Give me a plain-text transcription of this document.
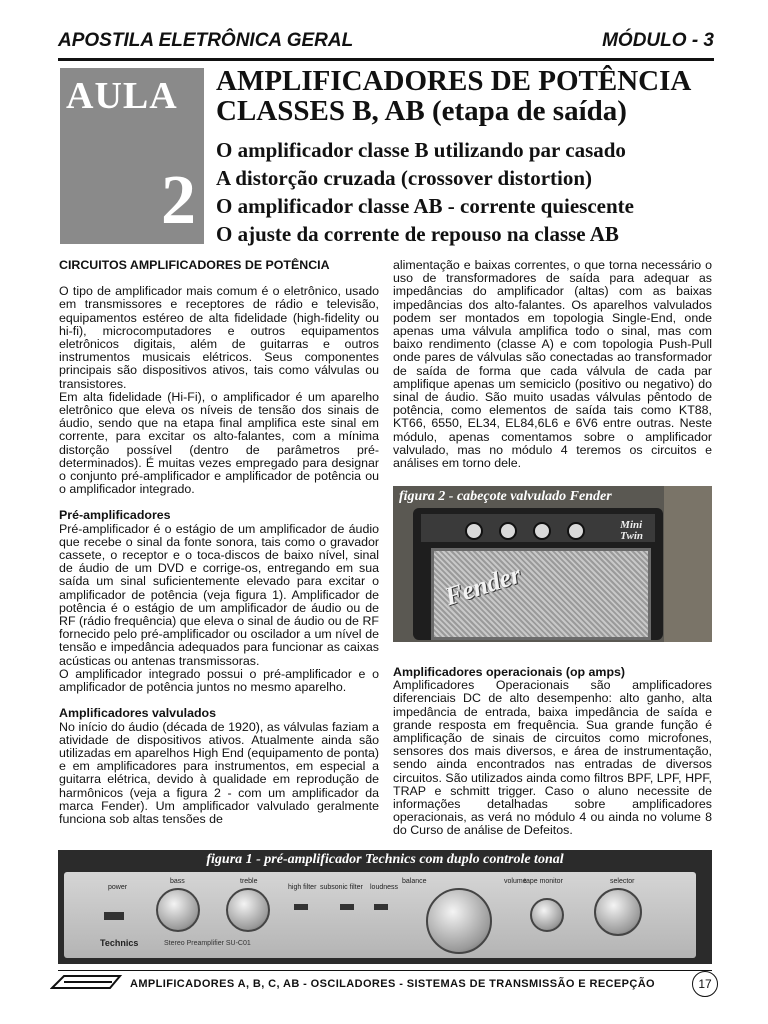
APOSTILA ELETRÔNICA GERAL	MÓDULO - 3
AULA
2
AMPLIFICADORES DE POTÊNCIA
CLASSES B, AB (etapa de saída)
O amplificador classe B utilizando par casado
A distorção cruzada (crossover distortion)
O amplificador classe AB - corrente quiescente
O ajuste da corrente de repouso na classe AB

CIRCUITOS AMPLIFICADORES DE POTÊNCIA

O tipo de amplificador mais comum é o eletrônico, usado em transmissores e receptores de rádio e televisão, equipamentos estéreo de alta fidelidade (high-fidelity ou hi-fi), microcomputadores e outros equipamentos eletrônicos digitais, além de guitarras e outros instrumentos musicais elétricos. Seus componentes principais são dispositivos ativos, tais como válvulas ou transistores.

Em alta fidelidade (Hi-Fi), o amplificador é um aparelho eletrônico que eleva os níveis de tensão dos sinais de áudio, sendo que na etapa final amplifica este sinal em corrente, para excitar os alto-falantes, com a mínima distorção possível (dentro de parâmetros pré-determinados). É muitas vezes empregado para designar o conjunto pré-amplificador e amplificador de potência ou o amplificador integrado.

Pré-amplificadores

Pré-amplificador é o estágio de um amplificador de áudio que recebe o sinal da fonte sonora, tais como o gravador cassete, o receptor e o toca-discos de baixo nível, sinal de áudio de um DVD e corrige-os, entregando em sua saída um sinal suficientemente elevado para excitar o amplificador de potência (veja figura 1). Amplificador de potência é o estágio de um amplificador de áudio ou de RF (rádio frequência) que eleva o sinal de áudio ou de RF fornecido pelo pré-amplificador ou oscilador a um nível de tensão e impedância adequados para funcionar as caixas acústicas ou antenas transmissoras.

O amplificador integrado possui o pré-amplificador e o amplificador de potência juntos no mesmo aparelho.

Amplificadores valvulados

No início do áudio (década de 1920), as válvulas faziam a atividade de dispositivos ativos. Atualmente ainda são utilizadas em aparelhos High End (equipamento de ponta) e em amplificadores para instrumentos, em especial a guitarra elétrica, devido à qualidade em reprodução de harmônicos (veja a figura 2 - com um amplificador da marca Fender). Um amplificador valvulado geralmente funciona sob altas tensões de

alimentação e baixas correntes, o que torna necessário o uso de transformadores de saída para adequar as impedâncias do amplificador (altas) com as baixas impedâncias dos alto-falantes. Os aparelhos valvulados podem ser montados em topologia Single-End, onde apenas uma válvula amplifica todo o sinal, mas com baixo rendimento (classe A) e com topologia Push-Pull onde pares de válvulas são conectadas ao transformador de saída de forma que cada válvula de cada par amplifique apenas um semiciclo (positivo ou negativo) do sinal de áudio. São muito usadas válvulas pêntodo de potência, como elementos de saída tais como KT88, KT66, 6550, EL34, EL84,6L6 e 6V6 entre outras. Neste módulo, apenas comentamos sobre o amplificador valvulado, mas no módulo 4 teremos os circuitos e análises em torno dele.

Amplificadores operacionais (op amps)

Amplificadores Operacionais são amplificadores diferenciais DC de alto desempenho: alto ganho, alta impedância de entrada, baixa impedância de saída e grande resposta em frequência. Sua grande função é amplificação de sinais de circuitos como microfones, sensores dos mais diversos, e área de instrumentação, sendo ainda encontrados nas entradas de diversos circuitos. São utilizados ainda como filtros BPF, LPF, HPF, TRAP e schmitt trigger. Caso o aluno necessite de informações detalhadas sobre amplificadores operacionais, as verá no módulo 4 ou ainda no volume 8 do Curso de análise de Defeitos.

Mini
Twin
Fender
figura 2 - cabeçote valvulado Fender
figura 1 - pré-amplificador Technics com duplo controle tonal
power
bass	treble
high filter subsonic filter loudness
balance	volume
tape monitor	selector
Technics	Stereo Preamplifier SU-C01
AMPLIFICADORES A, B, C, AB - OSCILADORES - SISTEMAS DE TRANSMISSÃO E RECEPÇÃO	17
